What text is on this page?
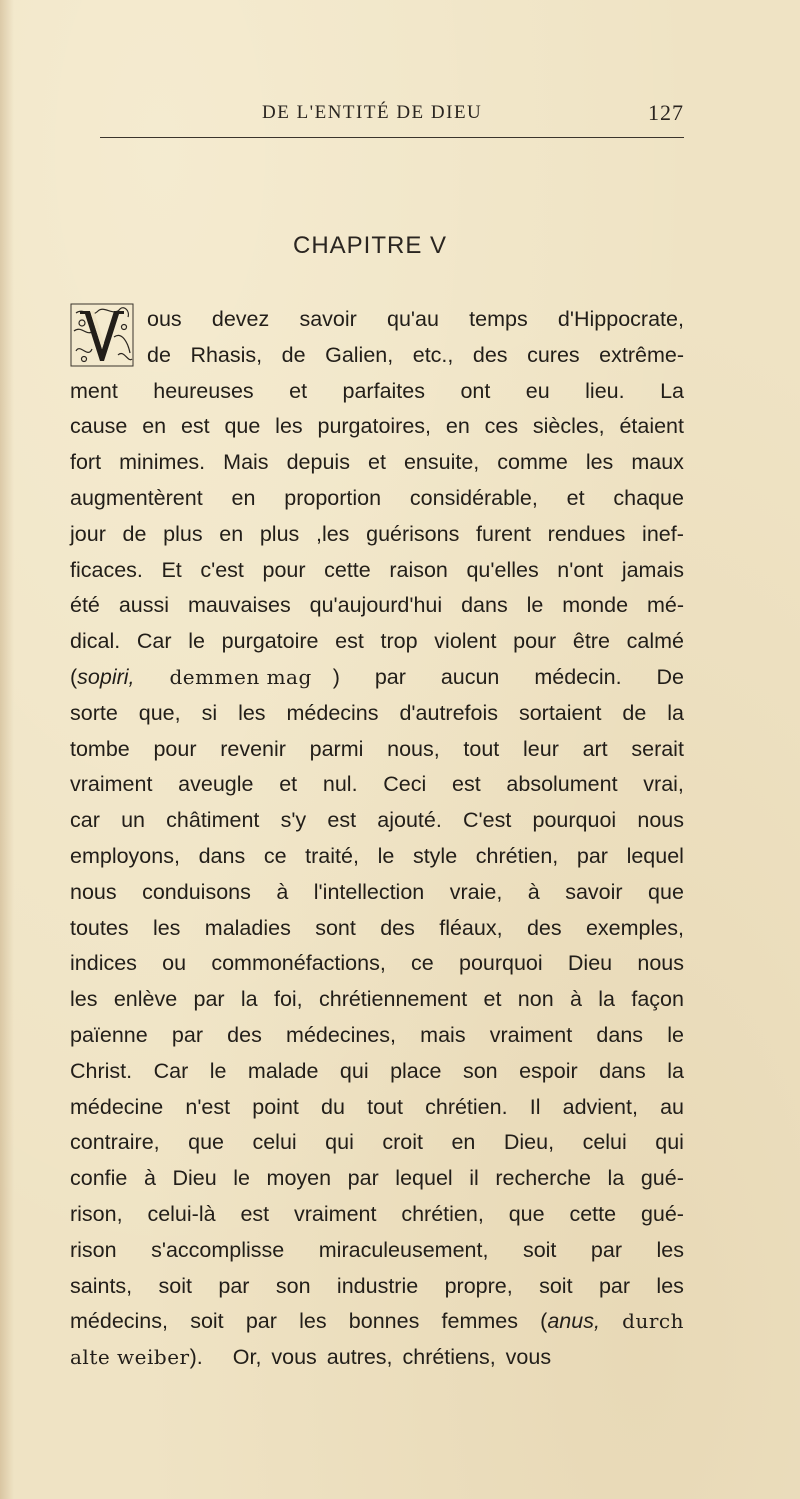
DE L'ENTITÉ DE DIEU	127
CHAPITRE V
ous devez savoir qu'au temps d'Hippocrate,
de Rhasis, de Galien, etc., des cures extrême-
ment heureuses et parfaites ont eu lieu. La
cause en est que les purgatoires, en ces siècles, étaient
fort minimes. Mais depuis et ensuite, comme les maux
augmentèrent en proportion considérable, et chaque
jour de plus en plus ,les guérisons furent rendues inef-
ficaces. Et c'est pour cette raison qu'elles n'ont jamais
été aussi mauvaises qu'aujourd'hui dans le monde mé-
dical. Car le purgatoire est trop violent pour être calmé
(sopiri, demmen mag ) par aucun médecin. De
sorte que, si les médecins d'autrefois sortaient de la
tombe pour revenir parmi nous, tout leur art serait
vraiment aveugle et nul. Ceci est absolument vrai,
car un châtiment s'y est ajouté. C'est pourquoi nous
employons, dans ce traité, le style chrétien, par lequel
nous conduisons à l'intellection vraie, à savoir que
toutes les maladies sont des fléaux, des exemples,
indices ou commonéfactions, ce pourquoi Dieu nous
les enlève par la foi, chrétiennement et non à la façon
païenne par des médecines, mais vraiment dans le
Christ. Car le malade qui place son espoir dans la
médecine n'est point du tout chrétien. Il advient, au
contraire, que celui qui croit en Dieu, celui qui
confie à Dieu le moyen par lequel il recherche la gué-
rison, celui-là est vraiment chrétien, que cette gué-
rison s'accomplisse miraculeusement, soit par les
saints, soit par son industrie propre, soit par les
médecins, soit par les bonnes femmes (anus, durch
alte weiber ). Or, vous autres, chrétiens, vous
